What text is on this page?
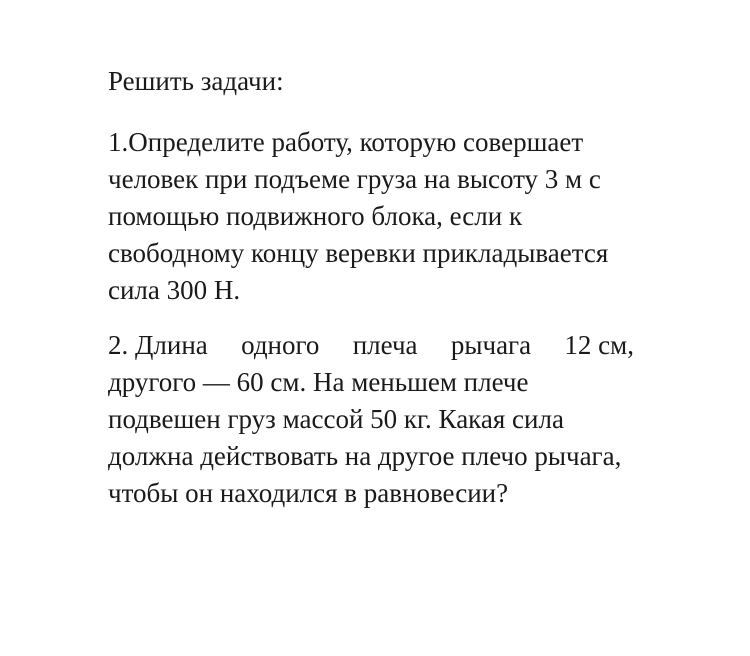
Решить задачи:
1.Определите работу, которую совершает
человек при подъеме груза на высоту 3 м с
помощью подвижного блока, если к
свободному концу веревки прикладывается
сила 300 Н.
2. Длина одного плеча рычага 12 см,
другого — 60 см. На меньшем плече
подвешен груз массой 50 кг. Какая сила
должна действовать на другое плечо рычага,
чтобы он находился в равновесии?
